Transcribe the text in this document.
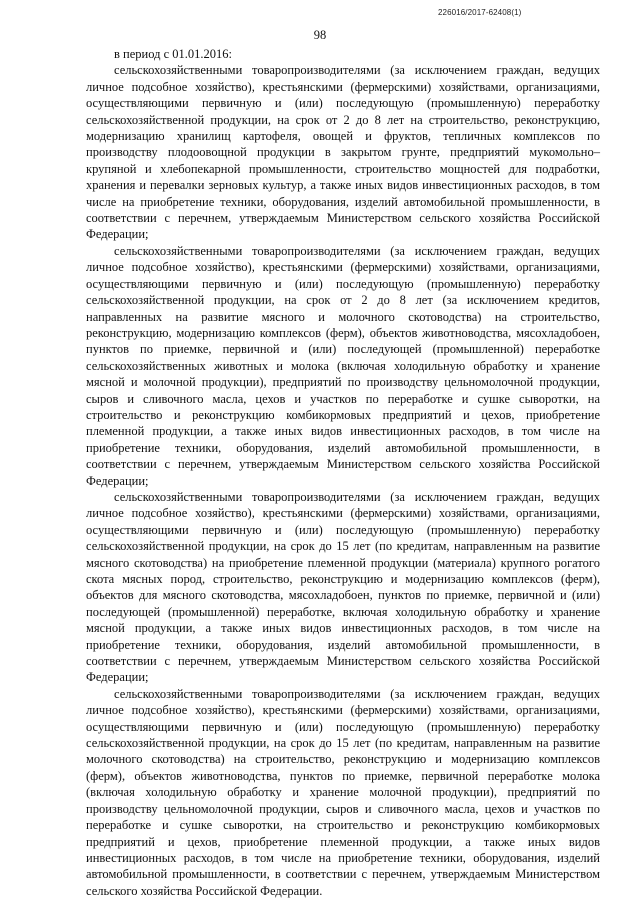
226016/2017-62408(1)
98

в период с 01.01.2016:

сельскохозяйственными товаропроизводителями (за исключением граждан, ведущих личное подсобное хозяйство), крестьянскими (фермерскими) хозяйствами, организациями, осуществляющими первичную и (или) последующую (промышленную) переработку сельскохозяйственной продукции, на срок от 2 до 8 лет на строительство, реконструкцию, модернизацию хранилищ картофеля, овощей и фруктов, тепличных комплексов по производству плодоовощной продукции в закрытом грунте, предприятий мукомольно–крупяной и хлебопекарной промышленности, строительство мощностей для подработки, хранения и перевалки зерновых культур, а также иных видов инвестиционных расходов, в том числе на приобретение техники, оборудования, изделий автомобильной промышленности, в соответствии с перечнем, утверждаемым Министерством сельского хозяйства Российской Федерации;

сельскохозяйственными товаропроизводителями (за исключением граждан, ведущих личное подсобное хозяйство), крестьянскими (фермерскими) хозяйствами, организациями, осуществляющими первичную и (или) последующую (промышленную) переработку сельскохозяйственной продукции, на срок от 2 до 8 лет (за исключением кредитов, направленных на развитие мясного и молочного скотоводства) на строительство, реконструкцию, модернизацию комплексов (ферм), объектов животноводства, мясохладобоен, пунктов по приемке, первичной и (или) последующей (промышленной) переработке сельскохозяйственных животных и молока (включая холодильную обработку и хранение мясной и молочной продукции), предприятий по производству цельномолочной продукции, сыров и сливочного масла, цехов и участков по переработке и сушке сыворотки, на строительство и реконструкцию комбикормовых предприятий и цехов, приобретение племенной продукции, а также иных видов инвестиционных расходов, в том числе на приобретение техники, оборудования, изделий автомобильной промышленности, в соответствии с перечнем, утверждаемым Министерством сельского хозяйства Российской Федерации;

сельскохозяйственными товаропроизводителями (за исключением граждан, ведущих личное подсобное хозяйство), крестьянскими (фермерскими) хозяйствами, организациями, осуществляющими первичную и (или) последующую (промышленную) переработку сельскохозяйственной продукции, на срок до 15 лет (по кредитам, направленным на развитие мясного скотоводства) на приобретение племенной продукции (материала) крупного рогатого скота мясных пород, строительство, реконструкцию и модернизацию комплексов (ферм), объектов для мясного скотоводства, мясохладобоен, пунктов по приемке, первичной и (или) последующей (промышленной) переработке, включая холодильную обработку и хранение мясной продукции, а также иных видов инвестиционных расходов, в том числе на приобретение техники, оборудования, изделий автомобильной промышленности, в соответствии с перечнем, утверждаемым Министерством сельского хозяйства Российской Федерации;

сельскохозяйственными товаропроизводителями (за исключением граждан, ведущих личное подсобное хозяйство), крестьянскими (фермерскими) хозяйствами, организациями, осуществляющими первичную и (или) последующую (промышленную) переработку сельскохозяйственной продукции, на срок до 15 лет (по кредитам, направленным на развитие молочного скотоводства) на строительство, реконструкцию и модернизацию комплексов (ферм), объектов животноводства, пунктов по приемке, первичной переработке молока (включая холодильную обработку и хранение молочной продукции), предприятий по производству цельномолочной продукции, сыров и сливочного масла, цехов и участков по переработке и сушке сыворотки, на строительство и реконструкцию комбикормовых предприятий и цехов, приобретение племенной продукции, а также иных видов инвестиционных расходов, в том числе на приобретение техники, оборудования, изделий автомобильной промышленности, в соответствии с перечнем, утверждаемым Министерством сельского хозяйства Российской Федерации.
